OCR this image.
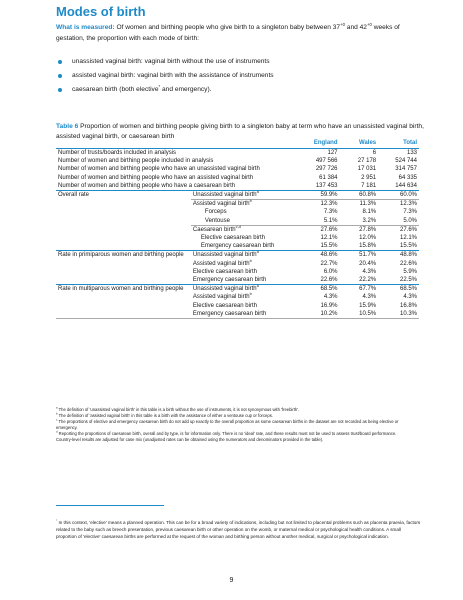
Modes of birth
What is measured: Of women and birthing people who give birth to a singleton baby between $37^{+0}$ and $42^{+0}$ weeks of gestation, the proportion with each mode of birth:
unassisted vaginal birth: vaginal birth without the use of instruments
assisted vaginal birth: vaginal birth with the assistance of instruments
caesarean birth (both elective* and emergency).
Table 6 Proportion of women and birthing people giving birth to a singleton baby at term who have an unassisted vaginal birth, assisted vaginal birth, or caesarean birth
		England	Wales	Total
Number of trusts/boards included in analysis		127	6	133
Number of women and birthing people included in analysis		497 566	27 178	524 744
Number of women and birthing people who have an unassisted vaginal birth		297 726	17 031	314 757
Number of women and birthing people who have an assisted vaginal birth		61 384	2 951	64 335
Number of women and birthing people who have a caesarean birth		137 453	7 181	144 634
Overall rate	Unassisted vaginal birth$^a$	59.9%	60.8%	60.0%
	Assisted vaginal birth$^b$	12.3%	11.3%	12.3%
	Forceps	7.3%	8.1%	7.3%
	Ventouse	5.1%	3.2%	5.0%
	Caesarean birth$^{c,d}$	27.6%	27.8%	27.6%
	Elective caesarean birth	12.1%	12.0%	12.1%
	Emergency caesarean birth	15.5%	15.8%	15.5%
Rate in primiparous women and birthing people	Unassisted vaginal birth$^a$	48.6%	51.7%	48.8%
	Assisted vaginal birth$^b$	22.7%	20.4%	22.6%
	Elective caesarean birth	6.0%	4.3%	5.9%
	Emergency caesarean birth	22.6%	22.2%	22.5%
Rate in multiparous women and birthing people	Unassisted vaginal birth$^a$	68.5%	67.7%	68.5%
	Assisted vaginal birth$^b$	4.3%	4.3%	4.3%
	Elective caesarean birth	16.9%	15.9%	16.8%
	Emergency caesarean birth	10.2%	10.5%	10.3%

$^a$ The definition of 'unassisted vaginal birth' in this table is a birth without the use of instruments, it is not synonymous with 'freebirth'.

$^b$ The definition of 'assisted vaginal birth' in this table is a birth with the assistance of either a ventouse cup or forceps.

$^c$ The proportions of elective and emergency caesarean birth do not add up exactly to the overall proportion as some caesarean births in the dataset are not recorded as being elective or emergency.

$^d$ Reporting the proportions of caesarean birth, overall and by type, is for information only. There is no 'ideal' rate, and these results must not be used to assess trust/board performance.

Country-level results are adjusted for case mix (unadjusted rates can be obtained using the numerators and denominators provided in the table).

* In this context, 'elective' means a planned operation. This can be for a broad variety of indications, including but not limited to placental problems such as placenta praevia, factors related to the baby such as breech presentation, previous caesarean birth or other operation on the womb, or maternal medical or psychological health conditions. A small proportion of 'elective' caesarean births are performed at the request of the woman and birthing person without another medical, surgical or psychological indication.
9
